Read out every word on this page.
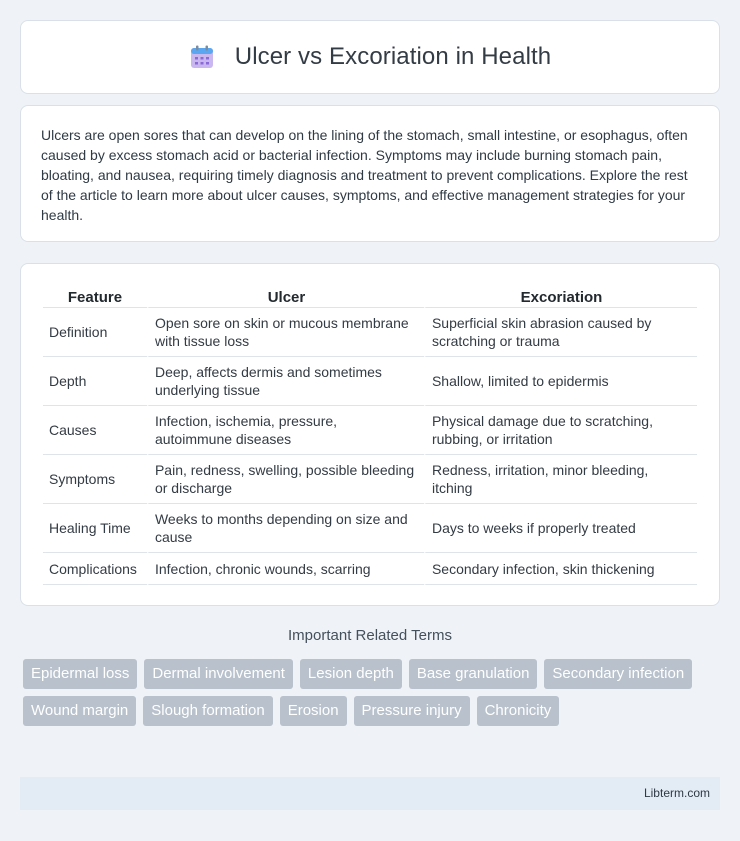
Ulcer vs Excoriation in Health

Ulcers are open sores that can develop on the lining of the stomach, small intestine, or esophagus, often caused by excess stomach acid or bacterial infection. Symptoms may include burning stomach pain, bloating, and nausea, requiring timely diagnosis and treatment to prevent complications. Explore the rest of the article to learn more about ulcer causes, symptoms, and effective management strategies for your health.

Feature	Ulcer	Excoriation
Definition	Open sore on skin or mucous membrane with tissue loss	Superficial skin abrasion caused by scratching or trauma
Depth	Deep, affects dermis and sometimes underlying tissue	Shallow, limited to epidermis
Causes	Infection, ischemia, pressure, autoimmune diseases	Physical damage due to scratching, rubbing, or irritation
Symptoms	Pain, redness, swelling, possible bleeding or discharge	Redness, irritation, minor bleeding, itching
Healing Time	Weeks to months depending on size and cause	Days to weeks if properly treated
Complications	Infection, chronic wounds, scarring	Secondary infection, skin thickening
Important Related Terms
Epidermal loss	Dermal involvement	Lesion depth	Base granulation	Secondary infection
Wound margin	Slough formation	Erosion	Pressure injury	Chronicity
Libterm.com
